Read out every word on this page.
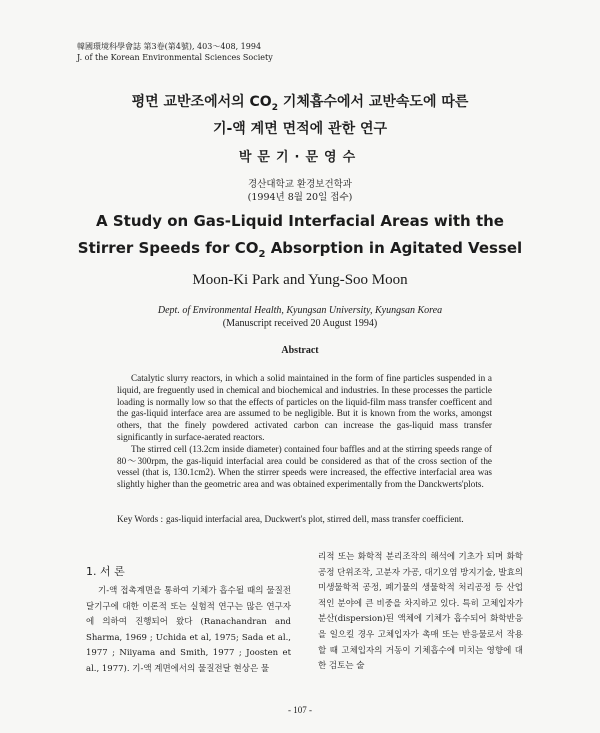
韓國環境科學會誌 第3卷(第4號), 403～408, 1994
J. of the Korean Environmental Sciences Society
평면 교반조에서의 $CO_2$ 기체흡수에서 교반속도에 따른
기-액 계면 면적에 관한 연구
박문기·문영수
경산대학교 환경보건학과
(1994년 8월 20일 접수)
A Study on Gas-Liquid Interfacial Areas with the
Stirrer Speeds for $CO_2$ Absorption in Agitated Vessel
Moon-Ki Park and Yung-Soo Moon
Dept. of Environmental Health, Kyungsan University, Kyungsan Korea
(Manuscript received 20 August 1994)
Abstract

Catalytic slurry reactors, in which a solid maintained in the form of fine particles suspended in a liquid, are freguently used in chemical and biochemical and industries. In these processes the particle loading is normally low so that the effects of particles on the liquid-film mass transfer coefficent and the gas-liquid interface area are assumed to be negligible. But it is known from the works, amongst others, that the finely powdered activated carbon can increase the gas-liquid mass transfer significantly in surface-aerated reactors.

The stirred cell (13.2cm inside diameter) contained four baffles and at the stirring speeds range of 80～300rpm, the gas-liquid interfacial area could be considered as that of the cross section of the vessel (that is, 130.1cm2). When the stirrer speeds were increased, the effective interfacial area was slightly higher than the geometric area and was obtained experimentally from the Danckwerts'plots.

Key Words : gas-liquid interfacial area, Duckwert's plot, stirred dell, mass transfer coefficient.
1. 서 론

기-액 접촉계면을 통하여 기체가 흡수될 때의 물질전달기구에 대한 이론적 또는 실험적 연구는 많은 연구자에 의하여 진행되어 왔다 (Ranachandran and Sharma, 1969 ; Uchida et al, 1975; Sada et al., 1977 ; Niiyama and Smith, 1977 ; Joosten et al., 1977). 기-액 계면에서의 물질전달 현상은 물

리적 또는 화학적 분리조작의 해석에 기초가 되며 화학공정 단위조작, 고분자 가공, 대기오염 방지기술, 발효의 미생물학적 공정, 폐기물의 생물학적 처리공정 등 산업적인 분야에 큰 비중을 차지하고 있다. 특히 고체입자가 분산(dispersion)된 액체에 기체가 흡수되어 화학반응을 일으킬 경우 고체입자가 촉매 또는 반응물로서 작용할 때 고체입자의 거동이 기체흡수에 미치는 영향에 대한 검토는 술

- 107 -
